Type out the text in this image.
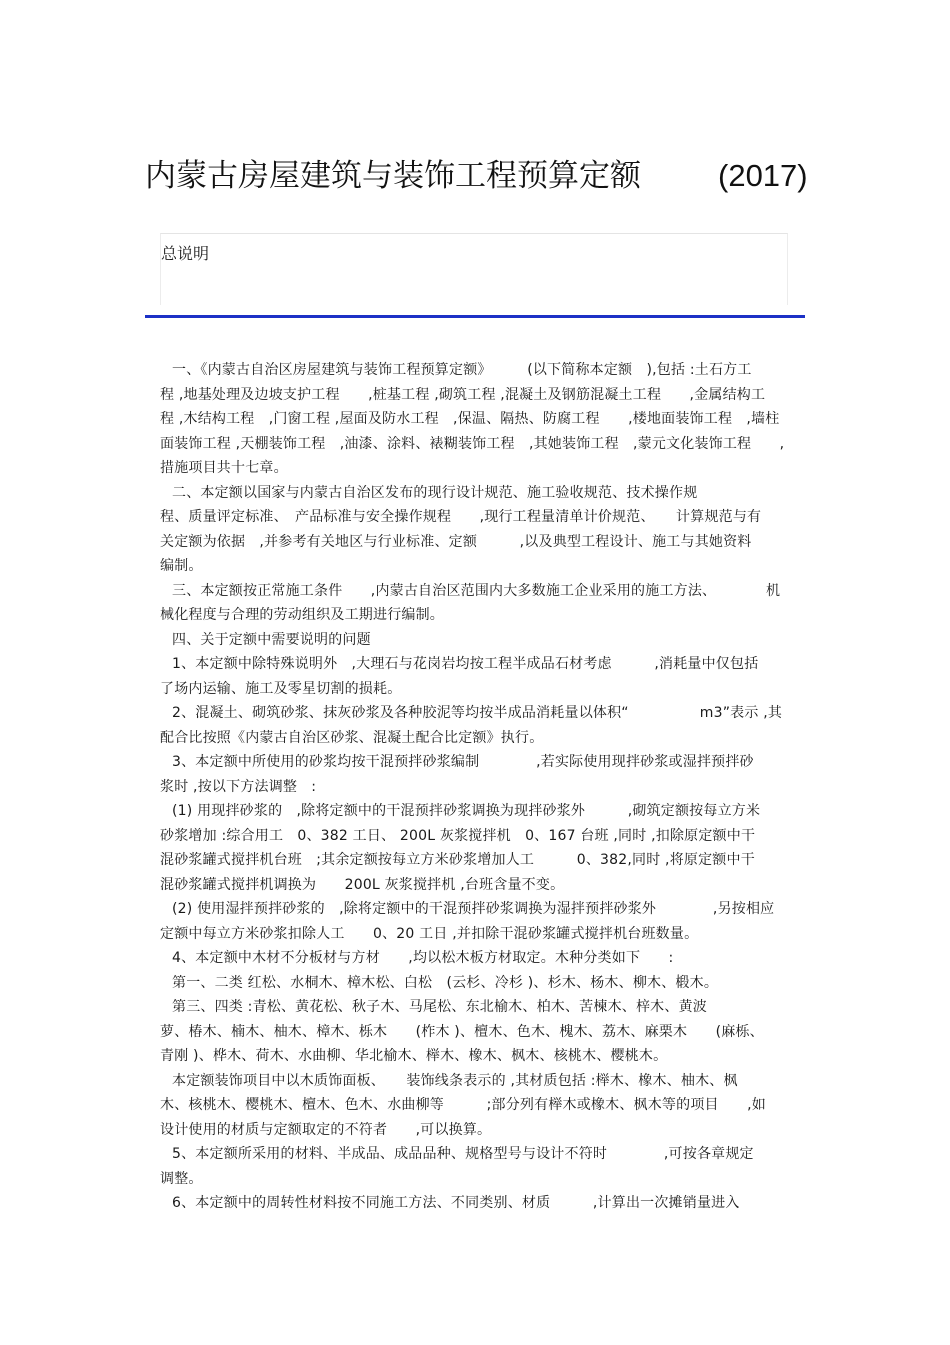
内蒙古房屋建筑与装饰工程预算定额 (2017)
总说明
一、《内蒙古自治区房屋建筑与装饰工程预算定额》　　　(以下简称本定额　),包括 :土石方工
程 ,地基处理及边坡支护工程　　,桩基工程 ,砌筑工程 ,混凝土及钢筋混凝土工程　　,金属结构工
程 ,木结构工程　,门窗工程 ,屋面及防水工程　,保温、隔热、防腐工程　　,楼地面装饰工程　,墙柱
面装饰工程 ,天棚装饰工程　,油漆、涂料、裱糊装饰工程　,其她装饰工程　,蒙元文化装饰工程　　,
措施项目共十七章。
二、本定额以国家与内蒙古自治区发布的现行设计规范、施工验收规范、技术操作规
程、质量评定标准、　产品标准与安全操作规程　　,现行工程量清单计价规范、　　计算规范与有
关定额为依据　,并参考有关地区与行业标准、定额　　　,以及典型工程设计、施工与其她资料
编制。
三、本定额按正常施工条件　　,内蒙古自治区范围内大多数施工企业采用的施工方法、　　　　机
械化程度与合理的劳动组织及工期进行编制。
四、关于定额中需要说明的问题
1、本定额中除特殊说明外　,大理石与花岗岩均按工程半成品石材考虑　　　,消耗量中仅包括
了场内运输、施工及零星切割的损耗。
2、混凝土、砌筑砂浆、抹灰砂浆及各种胶泥等均按半成品消耗量以体积“　　　　　m3”表示 ,其
配合比按照《内蒙古自治区砂浆、混凝土配合比定额》执行。
3、本定额中所使用的砂浆均按干混预拌砂浆编制　　　　,若实际使用现拌砂浆或湿拌预拌砂
浆时 ,按以下方法调整　:
(1) 用现拌砂浆的　,除将定额中的干混预拌砂浆调换为现拌砂浆外　　　,砌筑定额按每立方米
砂浆增加 :综合用工　0、382 工日、 200L 灰浆搅拌机　0、167 台班 ,同时 ,扣除原定额中干
混砂浆罐式搅拌机台班　;其余定额按每立方米砂浆增加人工　　　0、382,同时 ,将原定额中干
混砂浆罐式搅拌机调换为　　200L 灰浆搅拌机 ,台班含量不变。
(2) 使用湿拌预拌砂浆的　,除将定额中的干混预拌砂浆调换为湿拌预拌砂浆外　　　　,另按相应
定额中每立方米砂浆扣除人工　　0、20 工日 ,并扣除干混砂浆罐式搅拌机台班数量。
4、本定额中木材不分板材与方材　　,均以松木板方材取定。木种分类如下　　:
第一、二类 红松、水桐木、樟木松、白松　(云杉、冷杉 )、杉木、杨木、柳木、椴木。
第三、四类 :青松、黄花松、秋子木、马尾松、东北榆木、柏木、苦楝木、梓木、黄波
萝、椿木、楠木、柚木、樟木、栎木　　(柞木 )、檀木、色木、槐木、荔木、麻栗木　　(麻栎、
青刚 )、桦木、荷木、水曲柳、华北榆木、榉木、橡木、枫木、核桃木、樱桃木。
本定额装饰项目中以木质饰面板、　　装饰线条表示的 ,其材质包括 :榉木、橡木、柚木、枫
木、核桃木、樱桃木、檀木、色木、水曲柳等　　　;部分列有榉木或橡木、枫木等的项目　　,如
设计使用的材质与定额取定的不符者　　,可以换算。
5、本定额所采用的材料、半成品、成品品种、规格型号与设计不符时　　　　,可按各章规定
调整。
6、本定额中的周转性材料按不同施工方法、不同类别、材质　　　,计算出一次摊销量进入
